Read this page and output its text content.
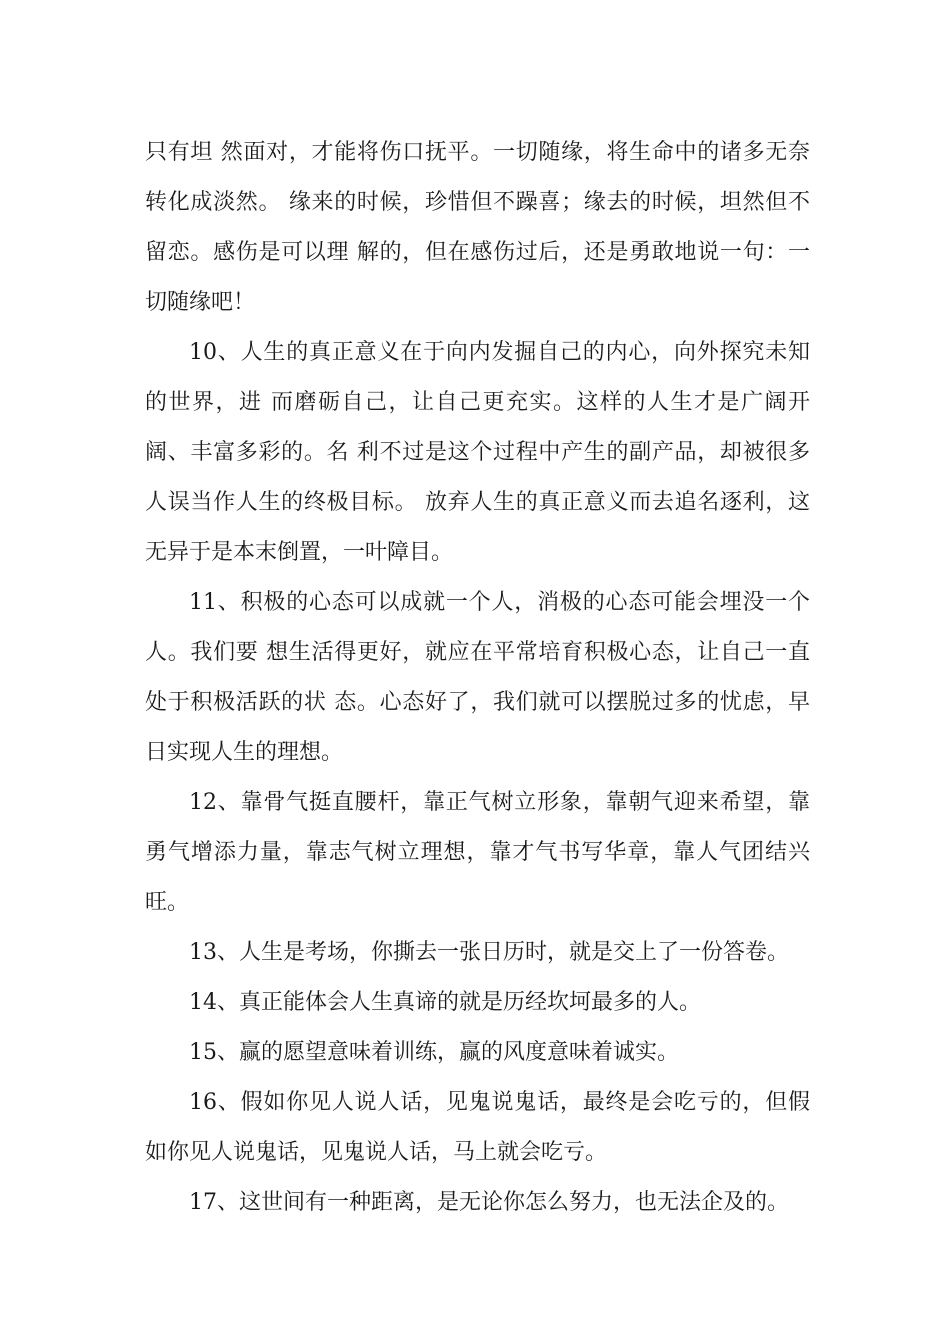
只有坦 然面对，才能将伤口抚平。一切随缘，将生命中的诸多无奈转化成淡然。 缘来的时候，珍惜但不躁喜；缘去的时候，坦然但不留恋。感伤是可以理 解的，但在感伤过后，还是勇敢地说一句：一切随缘吧！

10、人生的真正意义在于向内发掘自己的内心，向外探究未知的世界，进 而磨砺自己，让自己更充实。这样的人生才是广阔开阔、丰富多彩的。名 利不过是这个过程中产生的副产品，却被很多人误当作人生的终极目标。 放弃人生的真正意义而去追名逐利，这无异于是本末倒置，一叶障目。

11、积极的心态可以成就一个人，消极的心态可能会埋没一个人。我们要 想生活得更好，就应在平常培育积极心态，让自己一直处于积极活跃的状 态。心态好了，我们就可以摆脱过多的忧虑，早日实现人生的理想。

12、靠骨气挺直腰杆，靠正气树立形象，靠朝气迎来希望，靠勇气增添力量，靠志气树立理想，靠才气书写华章，靠人气团结兴旺。

13、人生是考场，你撕去一张日历时，就是交上了一份答卷。

14、真正能体会人生真谛的就是历经坎坷最多的人。

15、赢的愿望意味着训练，赢的风度意味着诚实。

16、假如你见人说人话，见鬼说鬼话，最终是会吃亏的，但假如你见人说鬼话，见鬼说人话，马上就会吃亏。

17、这世间有一种距离，是无论你怎么努力，也无法企及的。
